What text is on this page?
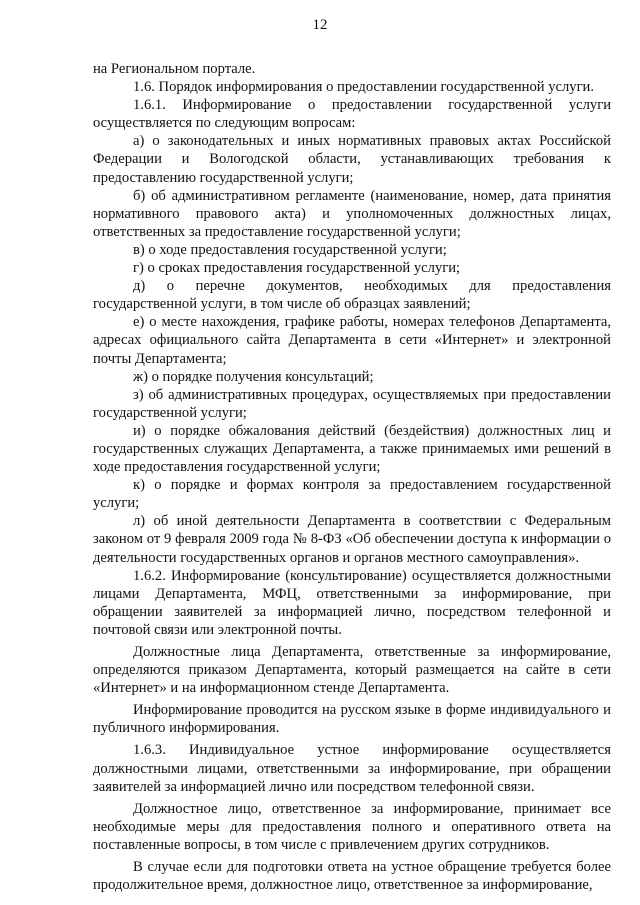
12

на Региональном портале.

1.6. Порядок информирования о предоставлении государственной услуги.

1.6.1. Информирование о предоставлении государственной услуги осуществляется по следующим вопросам:

а) о законодательных и иных нормативных правовых актах Российской Федерации и Вологодской области, устанавливающих требования к предоставлению государственной услуги;

б) об административном регламенте (наименование, номер, дата принятия нормативного правового акта) и уполномоченных должностных лицах, ответственных за предоставление государственной услуги;

в) о ходе предоставления государственной услуги;

г) о сроках предоставления государственной услуги;

д) о перечне документов, необходимых для предоставления государственной услуги, в том числе об образцах заявлений;

е) о месте нахождения, графике работы, номерах телефонов Департамента, адресах официального сайта Департамента в сети «Интернет» и электронной почты Департамента;

ж) о порядке получения консультаций;

з) об административных процедурах, осуществляемых при предоставлении государственной услуги;

и) о порядке обжалования действий (бездействия) должностных лиц и государственных служащих Департамента, а также принимаемых ими решений в ходе предоставления государственной услуги;

к) о порядке и формах контроля за предоставлением государственной услуги;

л) об иной деятельности Департамента в соответствии с Федеральным законом от 9 февраля 2009 года № 8-ФЗ «Об обеспечении доступа к информации о деятельности государственных органов и органов местного самоуправления».

1.6.2. Информирование (консультирование) осуществляется должностными лицами Департамента, МФЦ, ответственными за информирование, при обращении заявителей за информацией лично, посредством телефонной и почтовой связи или электронной почты.

Должностные лица Департамента, ответственные за информирование, определяются приказом Департамента, который размещается на сайте в сети «Интернет» и на информационном стенде Департамента.

Информирование проводится на русском языке в форме индивидуального и публичного информирования.

1.6.3. Индивидуальное устное информирование осуществляется должностными лицами, ответственными за информирование, при обращении заявителей за информацией лично или посредством телефонной связи.

Должностное лицо, ответственное за информирование, принимает все необходимые меры для предоставления полного и оперативного ответа на поставленные вопросы, в том числе с привлечением других сотрудников.

В случае если для подготовки ответа на устное обращение требуется более продолжительное время, должностное лицо, ответственное за информирование,
